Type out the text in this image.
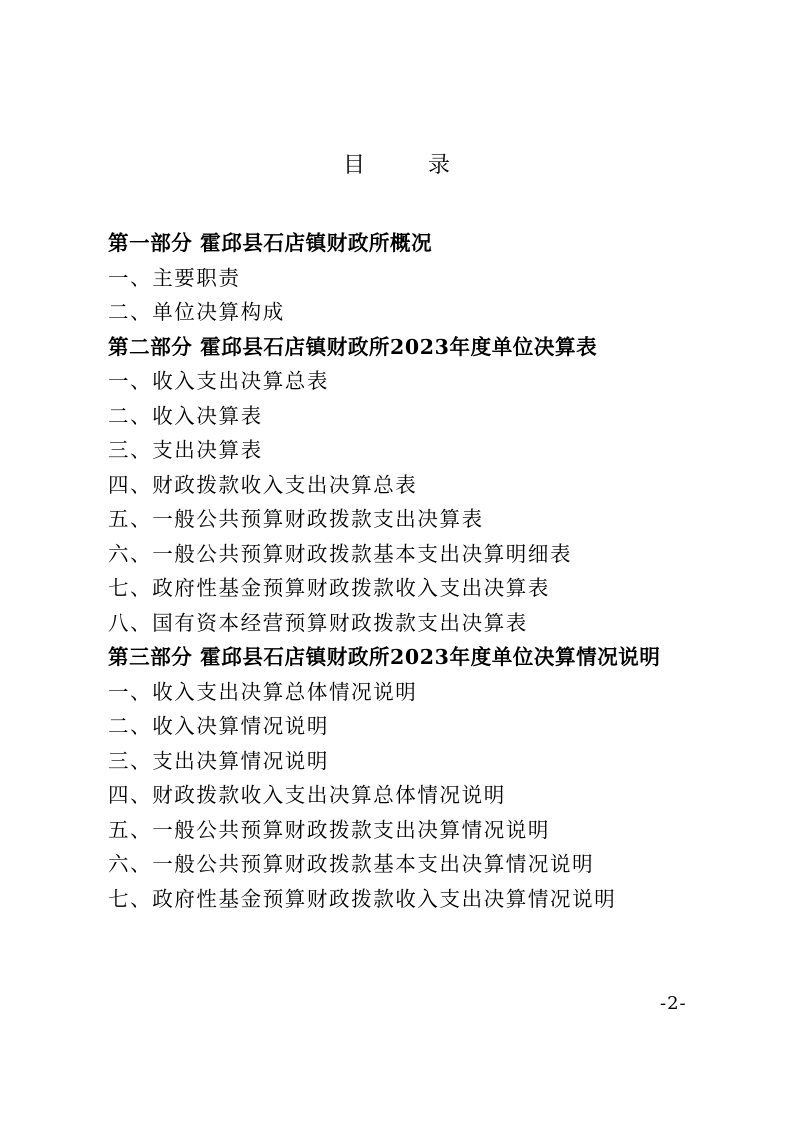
目 录
第一部分 霍邱县石店镇财政所概况
一、主要职责
二、单位决算构成
第二部分 霍邱县石店镇财政所2023年度单位决算表
一、收入支出决算总表
二、收入决算表
三、支出决算表
四、财政拨款收入支出决算总表
五、一般公共预算财政拨款支出决算表
六、一般公共预算财政拨款基本支出决算明细表
七、政府性基金预算财政拨款收入支出决算表
八、国有资本经营预算财政拨款支出决算表
第三部分 霍邱县石店镇财政所2023年度单位决算情况说明
一、收入支出决算总体情况说明
二、收入决算情况说明
三、支出决算情况说明
四、财政拨款收入支出决算总体情况说明
五、一般公共预算财政拨款支出决算情况说明
六、一般公共预算财政拨款基本支出决算情况说明
七、政府性基金预算财政拨款收入支出决算情况说明
-2-
